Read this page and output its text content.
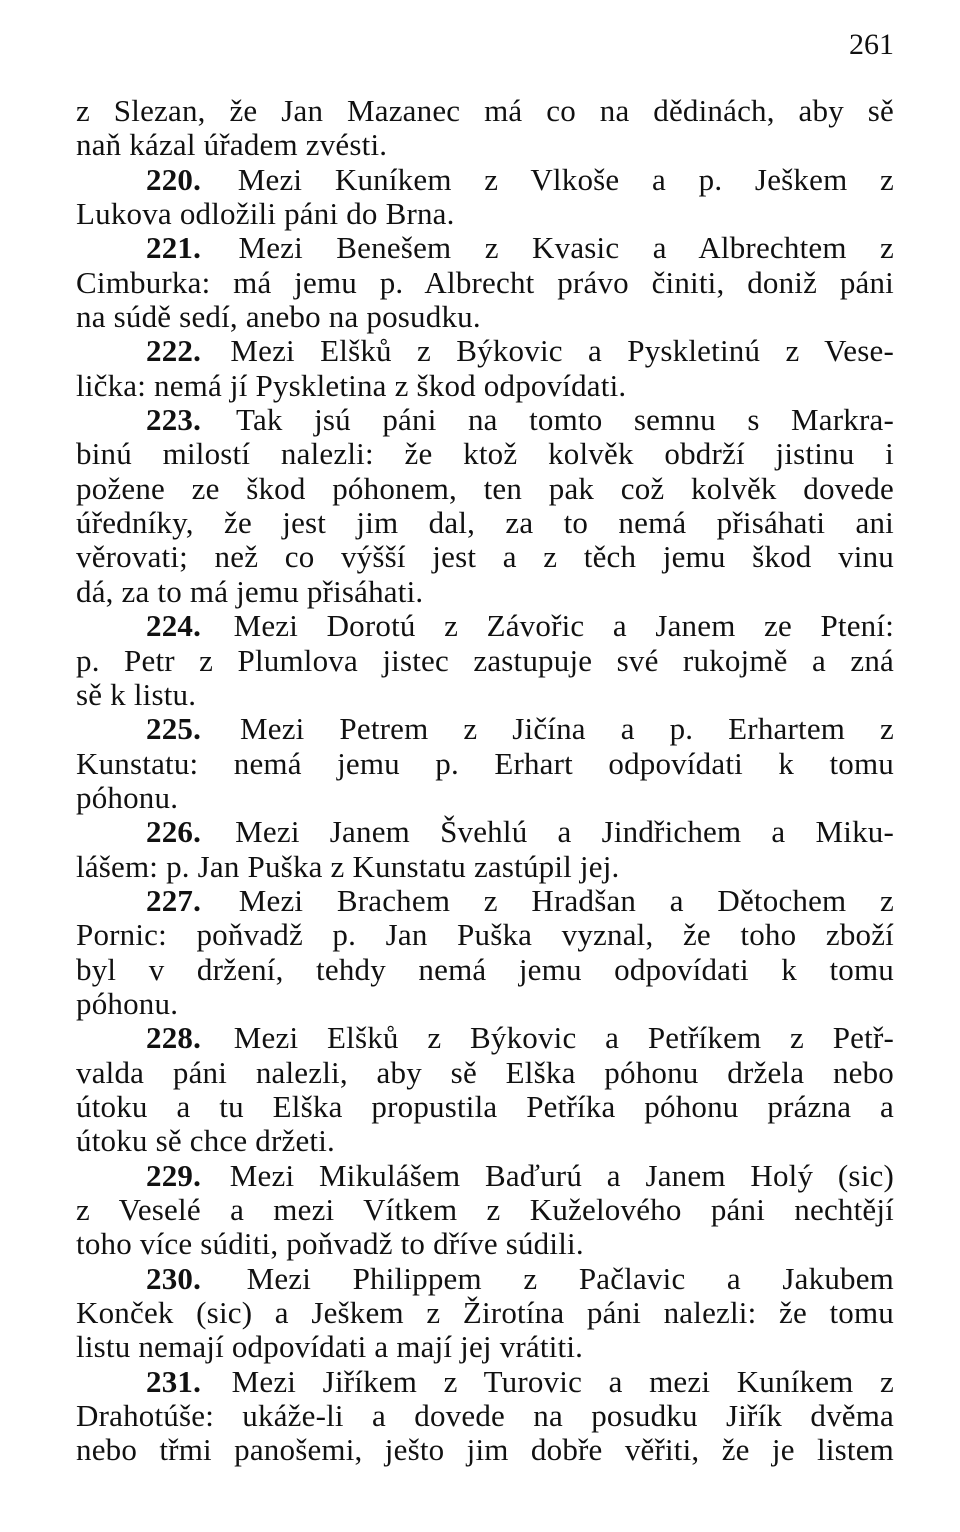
261
z Slezan, že Jan Mazanec má co na dědinách, aby sě
naň kázal úřadem zvésti.
220. Mezi Kuníkem z Vlkoše a p. Ješkem z
Lukova odložili páni do Brna.
221. Mezi Benešem z Kvasic a Albrechtem z
Cimburka: má jemu p. Albrecht právo činiti, doniž páni
na súdě sedí, anebo na posudku.
222. Mezi Elšků z Býkovic a Pyskletinú z Vese-
lička: nemá jí Pyskletina z škod odpovídati.
223. Tak jsú páni na tomto semnu s Markra-
binú milostí nalezli: že ktož kolvěk obdrží jistinu i
požene ze škod póhonem, ten pak což kolvěk dovede
úředníky, že jest jim dal, za to nemá přisáhati ani
věrovati; než co výšší jest a z těch jemu škod vinu
dá, za to má jemu přisáhati.
224. Mezi Dorotú z Závořic a Janem ze Ptení:
p. Petr z Plumlova jistec zastupuje své rukojmě a zná
sě k listu.
225. Mezi Petrem z Jičína a p. Erhartem z
Kunstatu: nemá jemu p. Erhart odpovídati k tomu
póhonu.
226. Mezi Janem Švehlú a Jindřichem a Miku-
lášem: p. Jan Puška z Kunstatu zastúpil jej.
227. Mezi Brachem z Hradšan a Dětochem z
Pornic: poňvadž p. Jan Puška vyznal, že toho zboží
byl v držení, tehdy nemá jemu odpovídati k tomu
póhonu.
228. Mezi Elšků z Býkovic a Petříkem z Petř-
valda páni nalezli, aby sě Elška póhonu držela nebo
útoku a tu Elška propustila Petříka póhonu prázna a
útoku sě chce držeti.
229. Mezi Mikulášem Baďurú a Janem Holý (sic)
z Veselé a mezi Vítkem z Kuželového páni nechtějí
toho více súditi, poňvadž to dříve súdili.
230. Mezi Philippem z Pačlavic a Jakubem
Konček (sic) a Ješkem z Žirotína páni nalezli: že tomu
listu nemají odpovídati a mají jej vrátiti.
231. Mezi Jiříkem z Turovic a mezi Kuníkem z
Drahotúše: ukáže-li a dovede na posudku Jiřík dvěma
nebo třmi panošemi, ješto jim dobře věřiti, že je listem
